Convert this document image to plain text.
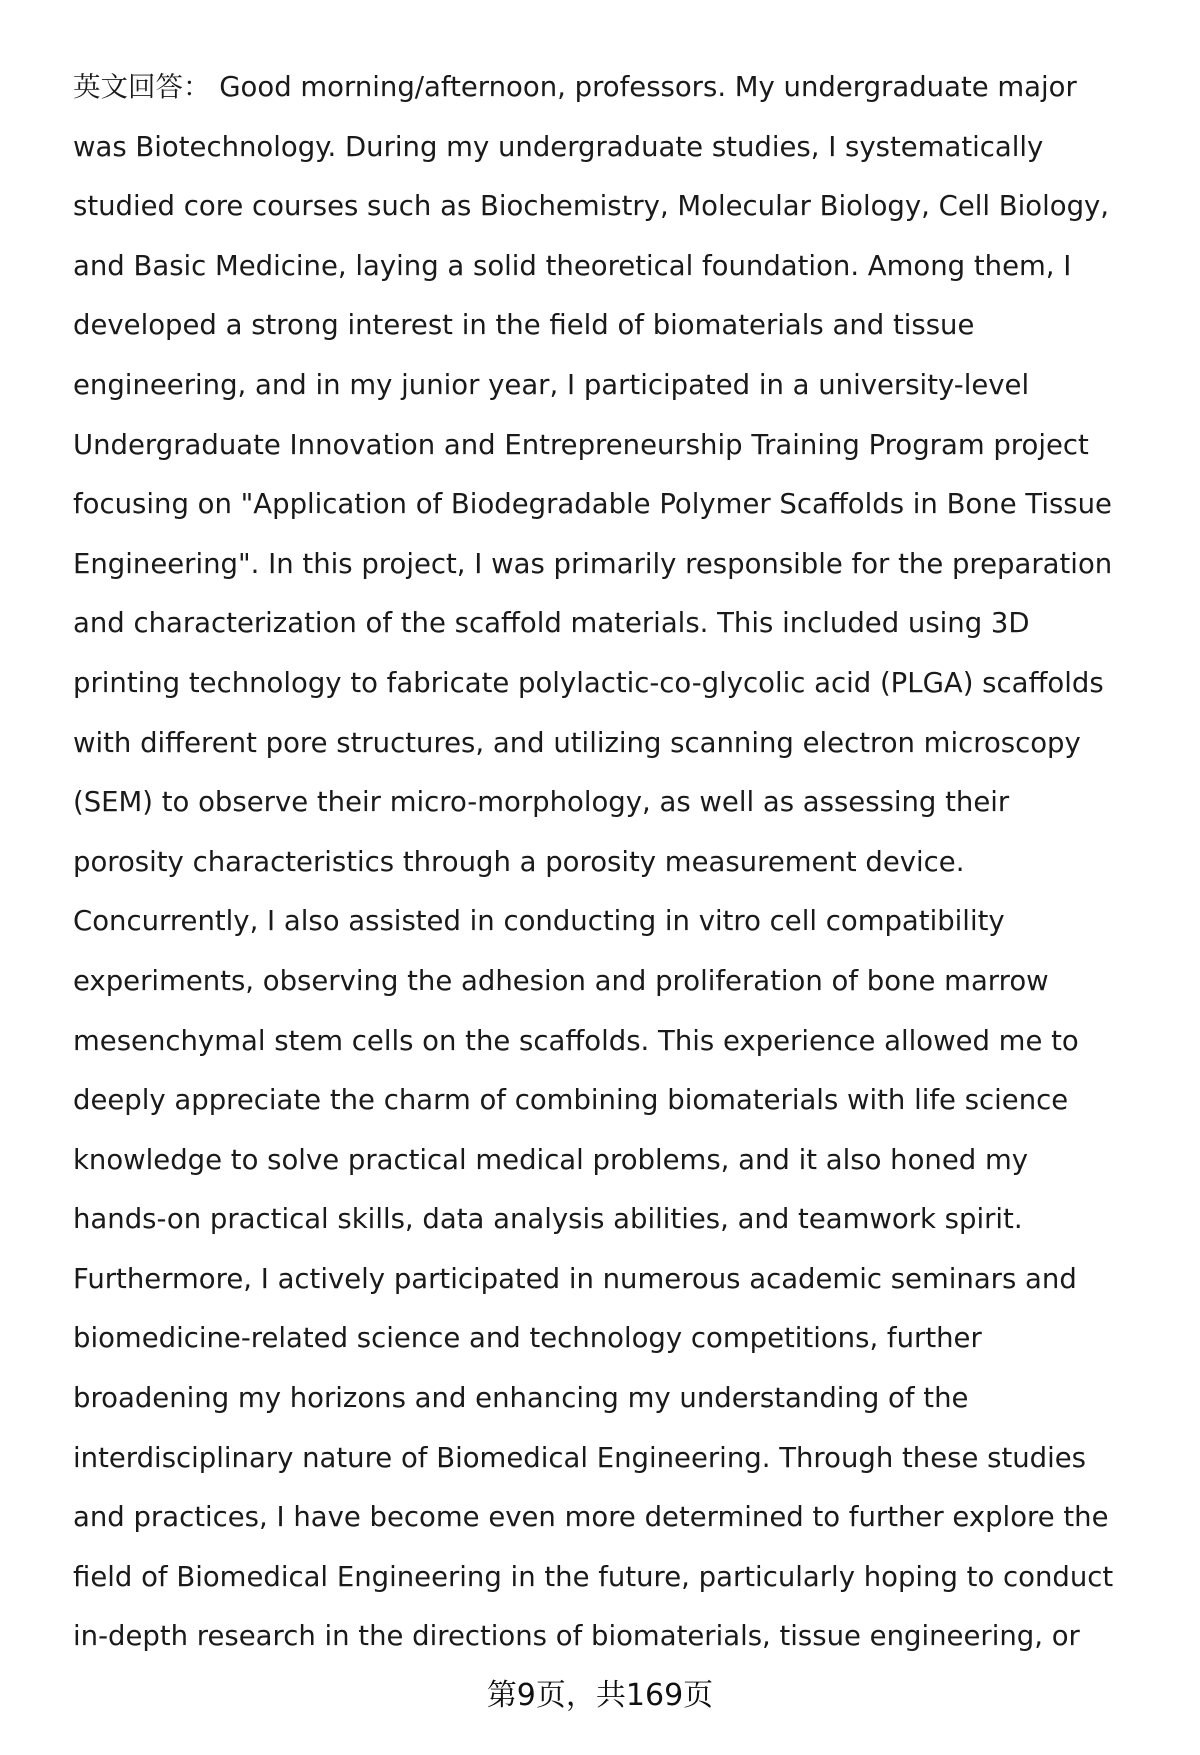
英文回答： Good morning/afternoon, professors. My undergraduate major
was Biotechnology. During my undergraduate studies, I systematically
studied core courses such as Biochemistry, Molecular Biology, Cell Biology,
and Basic Medicine, laying a solid theoretical foundation. Among them, I
developed a strong interest in the field of biomaterials and tissue
engineering, and in my junior year, I participated in a university-level
Undergraduate Innovation and Entrepreneurship Training Program project
focusing on "Application of Biodegradable Polymer Scaffolds in Bone Tissue
Engineering". In this project, I was primarily responsible for the preparation
and characterization of the scaffold materials. This included using 3D
printing technology to fabricate polylactic-co-glycolic acid (PLGA) scaffolds
with different pore structures, and utilizing scanning electron microscopy
(SEM) to observe their micro-morphology, as well as assessing their
porosity characteristics through a porosity measurement device.
Concurrently, I also assisted in conducting in vitro cell compatibility
experiments, observing the adhesion and proliferation of bone marrow
mesenchymal stem cells on the scaffolds. This experience allowed me to
deeply appreciate the charm of combining biomaterials with life science
knowledge to solve practical medical problems, and it also honed my
hands-on practical skills, data analysis abilities, and teamwork spirit.
Furthermore, I actively participated in numerous academic seminars and
biomedicine-related science and technology competitions, further
broadening my horizons and enhancing my understanding of the
interdisciplinary nature of Biomedical Engineering. Through these studies
and practices, I have become even more determined to further explore the
field of Biomedical Engineering in the future, particularly hoping to conduct
in-depth research in the directions of biomaterials, tissue engineering, or
第9页，共169页
